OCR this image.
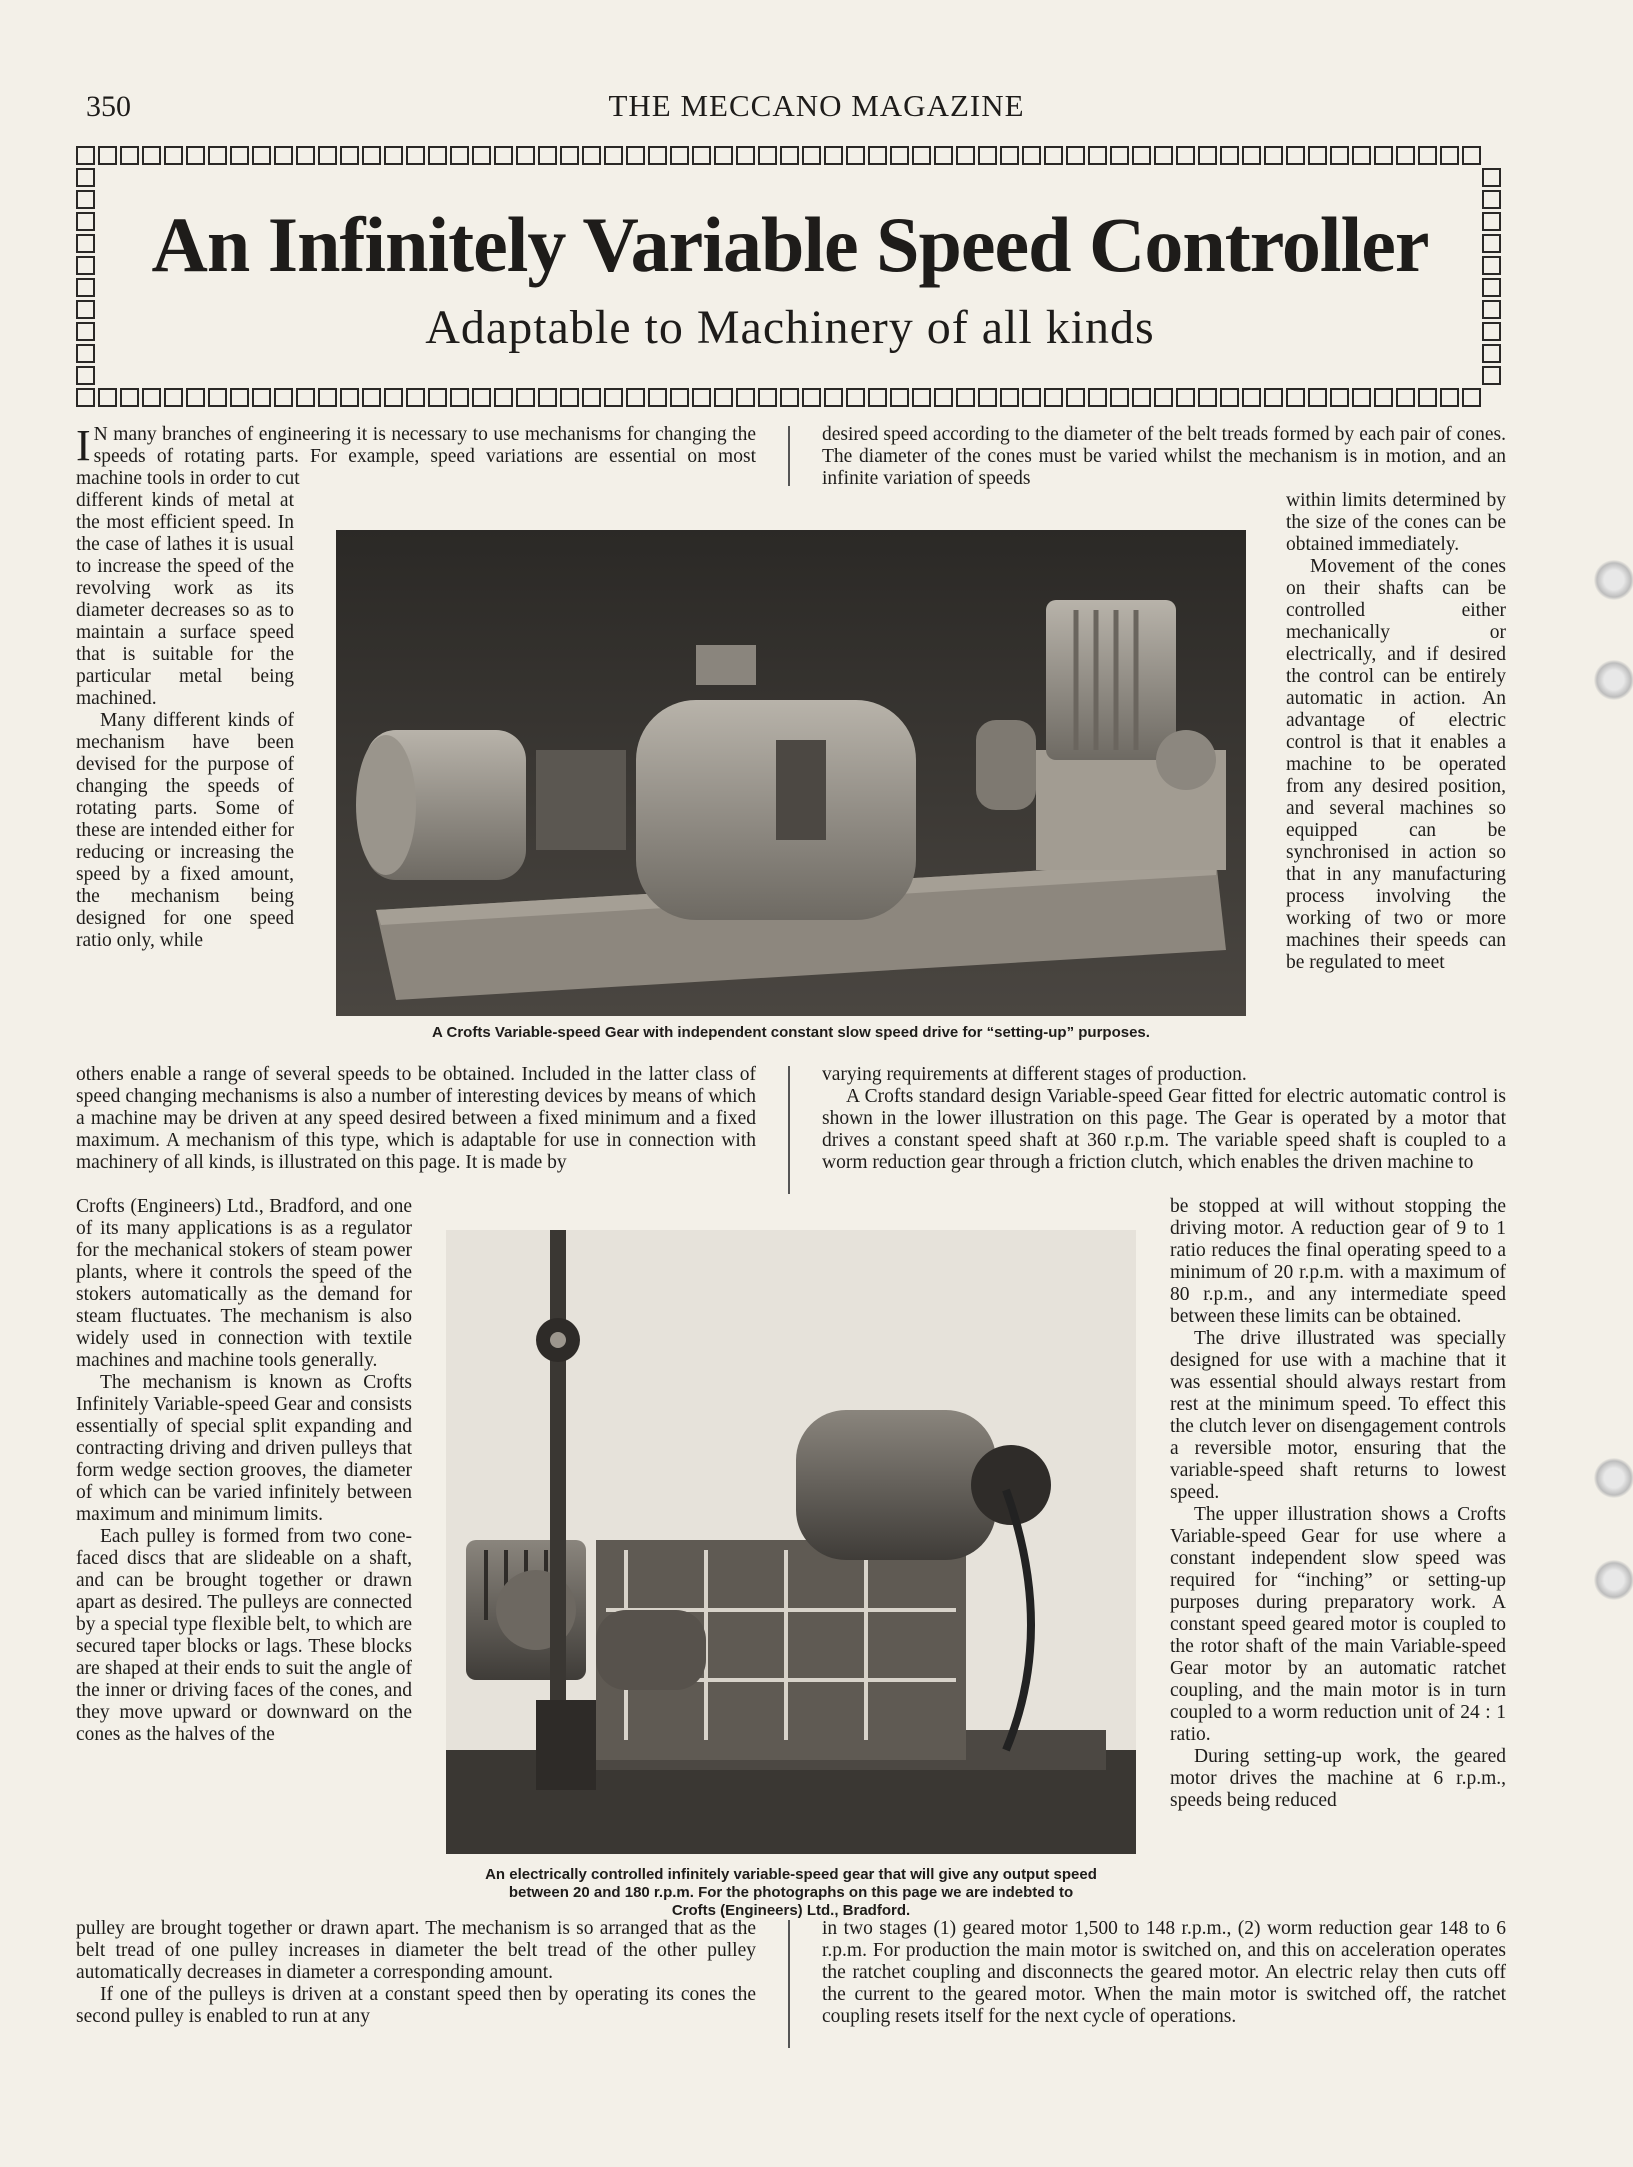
350	THE MECCANO MAGAZINE
An Infinitely Variable Speed Controller
Adaptable to Machinery of all kinds

I N many branches of engineering it is necessary to use mechanisms for changing the speeds of rotating parts. For example, speed variations are essential on most machine tools in order to cut

different kinds of metal at the most efficient speed. In the case of lathes it is usual to increase the speed of the revolving work as its diameter decreases so as to maintain a surface speed that is suitable for the particular metal being machined.

Many different kinds of mechanism have been devised for the purpose of changing the speeds of rotating parts. Some of these are intended either for reducing or increasing the speed by a fixed amount, the mechanism being designed for one speed ratio only, while

others enable a range of several speeds to be obtained. Included in the latter class of speed changing mechanisms is also a number of interesting devices by means of which a machine may be driven at any speed desired between a fixed minimum and a fixed maximum. A mechanism of this type, which is adaptable for use in connection with machinery of all kinds, is illustrated on this page. It is made by

Crofts (Engineers) Ltd., Bradford, and one of its many applications is as a regulator for the mechanical stokers of steam power plants, where it controls the speed of the stokers automatically as the demand for steam fluctuates. The mechanism is also widely used in connection with textile machines and machine tools generally.

The mechanism is known as Crofts Infinitely Variable-speed Gear and consists essentially of special split expanding and contracting driving and driven pulleys that form wedge section grooves, the diameter of which can be varied infinitely between maximum and minimum limits.

Each pulley is formed from two cone-faced discs that are slideable on a shaft, and can be brought together or drawn apart as desired. The pulleys are connected by a special type flexible belt, to which are secured taper blocks or lags. These blocks are shaped at their ends to suit the angle of the inner or driving faces of the cones, and they move upward or downward on the cones as the halves of the

pulley are brought together or drawn apart. The mechanism is so arranged that as the belt tread of one pulley increases in diameter the belt tread of the other pulley automatically decreases in diameter a corresponding amount.

If one of the pulleys is driven at a constant speed then by operating its cones the second pulley is enabled to run at any

desired speed according to the diameter of the belt treads formed by each pair of cones. The diameter of the cones must be varied whilst the mechanism is in motion, and an infinite variation of speeds

within limits determined by the size of the cones can be obtained immediately.

Movement of the cones on their shafts can be controlled either mechanically or electrically, and if desired the control can be entirely automatic in action. An advantage of electric control is that it enables a machine to be operated from any desired position, and several machines so equipped can be synchronised in action so that in any manufacturing process involving the working of two or more machines their speeds can be regulated to meet

varying requirements at different stages of production.

A Crofts standard design Variable-speed Gear fitted for electric automatic control is shown in the lower illustration on this page. The Gear is operated by a motor that drives a constant speed shaft at 360 r.p.m. The variable speed shaft is coupled to a worm reduction gear through a friction clutch, which enables the driven machine to

be stopped at will without stopping the driving motor. A reduction gear of 9 to 1 ratio reduces the final operating speed to a minimum of 20 r.p.m. with a maximum of 80 r.p.m., and any intermediate speed between these limits can be obtained.

The drive illustrated was specially designed for use with a machine that it was essential should always restart from rest at the minimum speed. To effect this the clutch lever on disengagement controls a reversible motor, ensuring that the variable-speed shaft returns to lowest speed.

The upper illustration shows a Crofts Variable-speed Gear for use where a constant independent slow speed was required for “inching” or setting-up purposes during preparatory work. A constant speed geared motor is coupled to the rotor shaft of the main Variable-speed Gear motor by an automatic ratchet coupling, and the main motor is in turn coupled to a worm reduction unit of 24 : 1 ratio.

During setting-up work, the geared motor drives the machine at 6 r.p.m., speeds being reduced

in two stages (1) geared motor 1,500 to 148 r.p.m., (2) worm reduction gear 148 to 6 r.p.m. For production the main motor is switched on, and this on acceleration operates the ratchet coupling and disconnects the geared motor. An electric relay then cuts off the current to the geared motor. When the main motor is switched off, the ratchet coupling resets itself for the next cycle of operations.

A Crofts Variable-speed Gear with independent constant slow speed drive for “setting-up” purposes.
An electrically controlled infinitely variable-speed gear that will give any output speed
between 20 and 180 r.p.m. For the photographs on this page we are indebted to
Crofts (Engineers) Ltd., Bradford.
